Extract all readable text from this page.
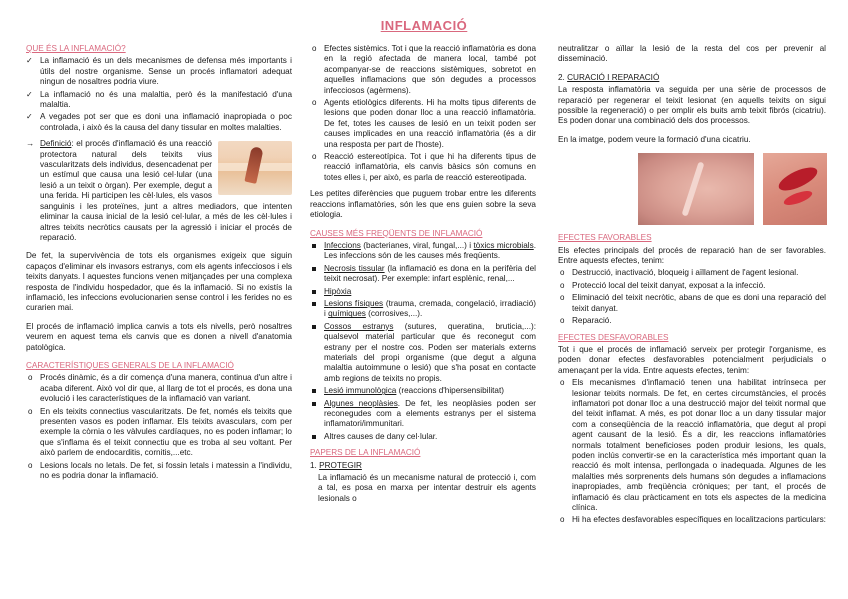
INFLAMACIÓ
QUE ÉS LA INFLAMACIÓ?
✓ La inflamació és un dels mecanismes de defensa més importants i útils del nostre organisme. Sense un procés inflamatori adequat ningun de nosaltres podria viure.
✓ La inflamació no és una malaltia, però és la manifestació d'una malaltia.
✓ A vegades pot ser que es doni una inflamació inapropiada o poc controlada, i això és la causa del dany tissular en moltes malalties.
→ Definició: el procés d'inflamació és una reacció protectora natural dels teixits vius vascularitzats dels individus, desencadenat per un estímul que causa una lesió cel·lular (una lesió a un teixit o òrgan). Per exemple, degut a una ferida. Hi participen les cèl·lules, els vasos sanguinis i les proteïnes, junt a altres mediadors, que intenten eliminar la causa inicial de la lesió cel·lular, a més de les cèl·lules i altres teixits necròtics causats per la agressió i iniciar el procés de reparació.

De fet, la supervivència de tots els organismes exigeix que siguin capaços d'eliminar els invasors estranys, com els agents infecciosos i els teixits danyats. I aquestes funcions venen mitjançades per una complexa resposta de l'individu hospedador, que és la inflamació. Si no existís la inflamació, les infeccions evolucionarien sense control i les ferides no es curarien mai.

El procés de inflamació implica canvis a tots els nivells, però nosaltres veurem en aquest tema els canvis que es donen a nivell d'anatomia patològica.

CARACTERÍSTIQUES GENERALS DE LA INFLAMACIÓ
o Procés dinàmic, és a dir comença d'una manera, continua d'un altre i acaba diferent. Això vol dir que, al llarg de tot el procés, es dona una evolució i les característiques de la inflamació van variant.
o En els teixits connectius vascularitzats. De fet, només els teixits que presenten vasos es poden inflamar. Els teixits avasculars, com per exemple la còrnia o les vàlvules cardíaques, no es poden inflamar; lo que s'inflama és el teixit connectiu que es troba al seu voltant. Per això parlem de endocarditis, cornitis,...etc.
o Lesions locals no letals. De fet, si fossin letals i matessin a l'individu, no es podria donar la inflamació.
o Efectes sistèmics. Tot i que la reacció inflamatòria es dona en la regió afectada de manera local, també pot acompanyar-se de reaccions sistèmiques, sobretot en aquelles inflamacions que són degudes a processos infecciosos (agèrmens).
o Agents etiològics diferents. Hi ha molts tipus diferents de lesions que poden donar lloc a una reacció inflamatòria. De fet, totes les causes de lesió en un teixit poden ser causes implicades en una reacció inflamatòria (és a dir una resposta per part de l'hoste).
o Reacció estereotípica. Tot i que hi ha diferents tipus de reacció inflamatòria, els canvis bàsics són comuns en totes elles i, per això, es parla de reacció estereotipada.

Les petites diferències que puguem trobar entre les diferents reaccions inflamatòries, són les que ens guien sobre la seva etiologia.

CAUSES MÉS FREQÜENTS DE INFLAMACIÓ
Infeccions (bacterianes, viral, fungal,...) i tòxics microbials. Les infeccions són de les causes més freqüents.
Necrosis tissular (la inflamació es dona en la perifèria del teixit necrosat). Per exemple: infart esplènic, renal,...
Hipòxia
Lesions físiques (trauma, cremada, congelació, irradiació) i químiques (corrosives,...).
Cossos estranys (sutures, queratina, bruticia,...): qualsevol material particular que és reconegut com estrany per el nostre cos. Poden ser materials externs materials del propi organisme (que degut a alguna malaltia autoimmune o lesió) que s'ha posat en contacte amb regions de teixits no propis.
Lesió immunològica (reaccions d'hipersensibilitat)
Algunes neoplàsies. De fet, les neoplàsies poden ser reconegudes com a elements estranys per el sistema inflamatori/immunitari.
Altres causes de dany cel·lular.
PAPERS DE LA INFLAMACIÓ
1. PROTEGIR

La inflamació és un mecanisme natural de protecció i, com a tal, es posa en marxa per intentar destruir els agents lesionals o

neutralitzar o aïllar la lesió de la resta del cos per prevenir al disseminació.

2. CURACIÓ I REPARACIÓ

La resposta inflamatòria va seguida per una sèrie de processos de reparació per regenerar el teixit lesionat (en aquells teixits on sigui possible la regeneració) o per omplir els buits amb teixit fibrós (cicatriu). Es poden donar una combinació dels dos processos.

En la imatge, podem veure la formació d'una cicatriu.

EFECTES FAVORABLES

Els efectes principals del procés de reparació han de ser favorables. Entre aquests efectes, tenim:

o Destrucció, inactivació, bloqueig i aïllament de l'agent lesional.
o Protecció local del teixit danyat, exposat a la infecció.
o Eliminació del teixit necròtic, abans de que es doni una reparació del teixit danyat.
o Reparació.
EFECTES DESFAVORABLES

Tot i que el procés de inflamació serveix per protegir l'organisme, es poden donar efectes desfavorables potencialment perjudicials o amenaçant per la vida. Entre aquests efectes, tenim:

o Els mecanismes d'inflamació tenen una habilitat intrínseca per lesionar teixits normals. De fet, en certes circumstàncies, el procés inflamatori pot donar lloc a una destrucció major del teixit normal que del teixit inflamat. A més, es pot donar lloc a un dany tissular major com a conseqüència de la reacció inflamatòria, que degut al propi agent causant de la lesió. És a dir, les reaccions inflamatòries normals totalment beneficioses poden produir lesions, les quals, poden inclús convertir-se en la característica més important quan la reacció és molt intensa, perllongada o inadequada. Algunes de les malalties més sorprenents dels humans són degudes a inflamacions inapropiades, amb freqüència cròniques; per tant, el procés de inflamació és clau pràcticament en tots els aspectes de la medicina clínica.
o Hi ha efectes desfavorables específiques en localitzacions particulars:
